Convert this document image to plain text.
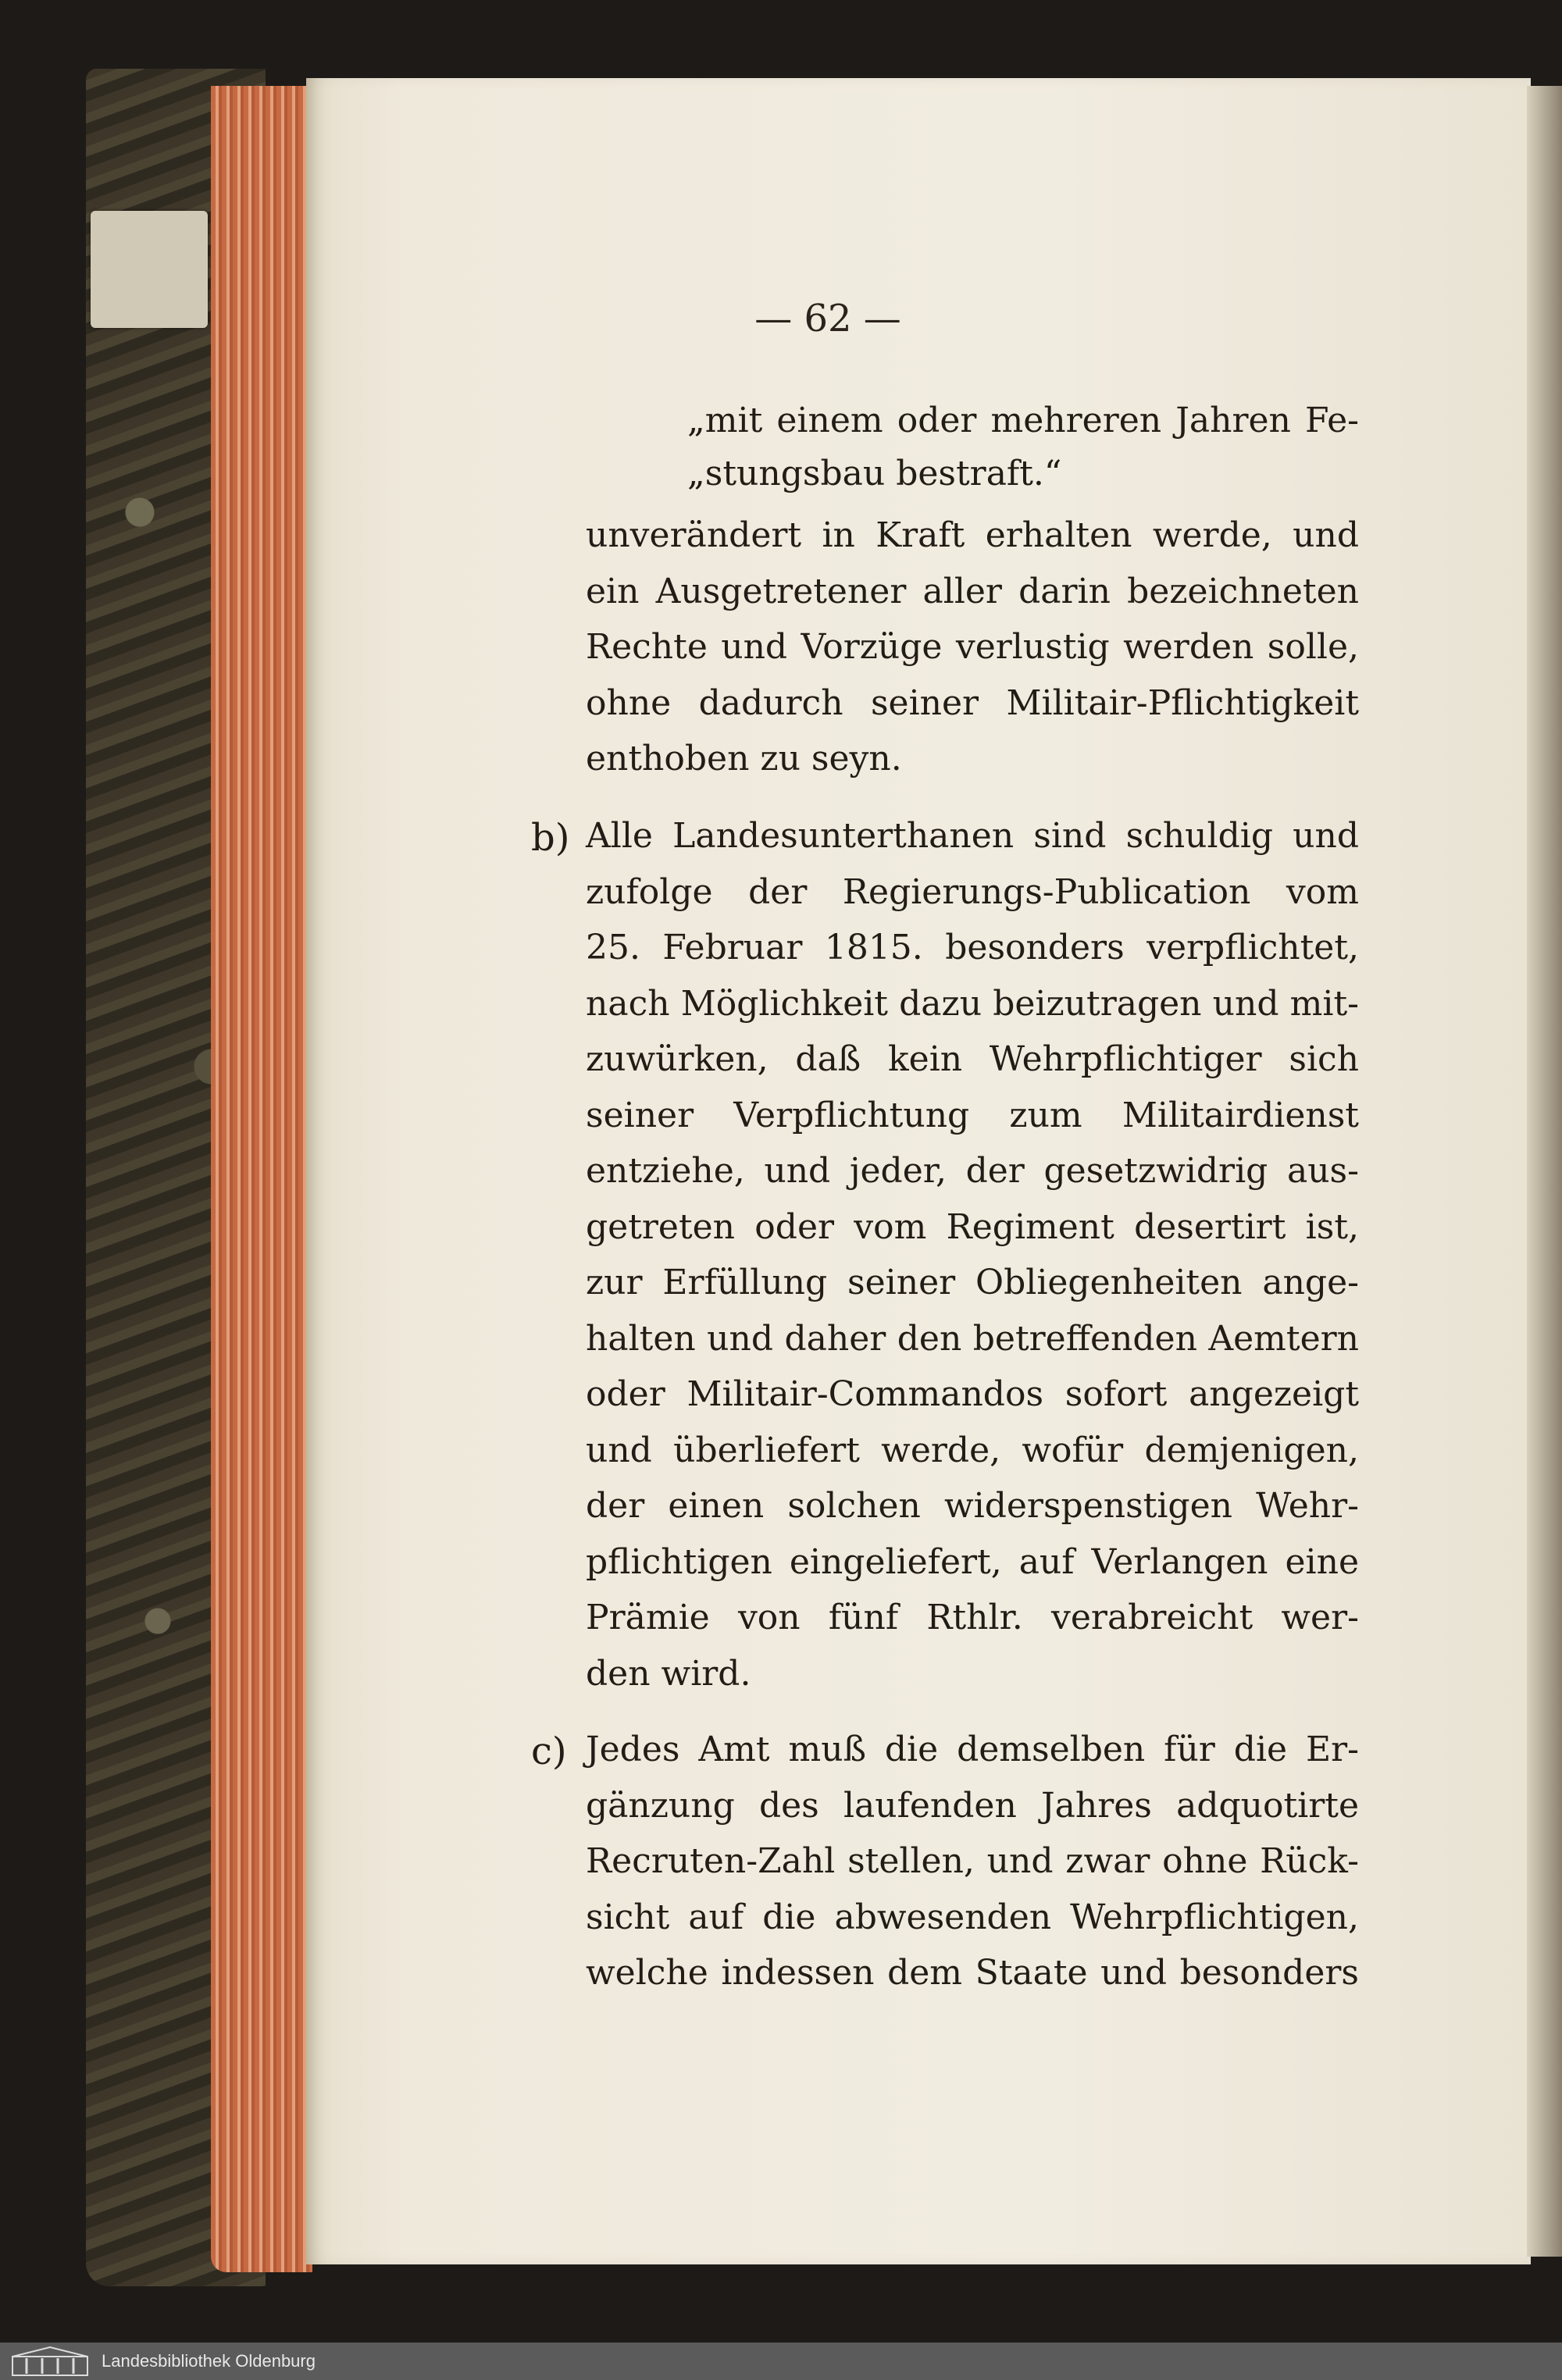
— 62 —
„mit einem oder mehreren Jahren Fe-
„stungsbau bestraft.“
unverändert in Kraft erhalten werde, und
ein Ausgetretener aller darin bezeichneten
Rechte und Vorzüge verlustig werden solle,
ohne dadurch seiner Militair-Pflichtigkeit
enthoben zu seyn.
b) Alle Landesunterthanen sind schuldig und
zufolge der Regierungs-Publication vom
25. Februar 1815. besonders verpflichtet,
nach Möglichkeit dazu beizutragen und mit-
zuwürken, daß kein Wehrpflichtiger sich
seiner Verpflichtung zum Militairdienst
entziehe, und jeder, der gesetzwidrig aus-
getreten oder vom Regiment desertirt ist,
zur Erfüllung seiner Obliegenheiten ange-
halten und daher den betreffenden Aemtern
oder Militair-Commandos sofort angezeigt
und überliefert werde, wofür demjenigen,
der einen solchen widerspenstigen Wehr-
pflichtigen eingeliefert, auf Verlangen eine
Prämie von fünf Rthlr. verabreicht wer-
den wird.
c) Jedes Amt muß die demselben für die Er-
gänzung des laufenden Jahres adquotirte
Recruten-Zahl stellen, und zwar ohne Rück-
sicht auf die abwesenden Wehrpflichtigen,
welche indessen dem Staate und besonders
Landesbibliothek Oldenburg
